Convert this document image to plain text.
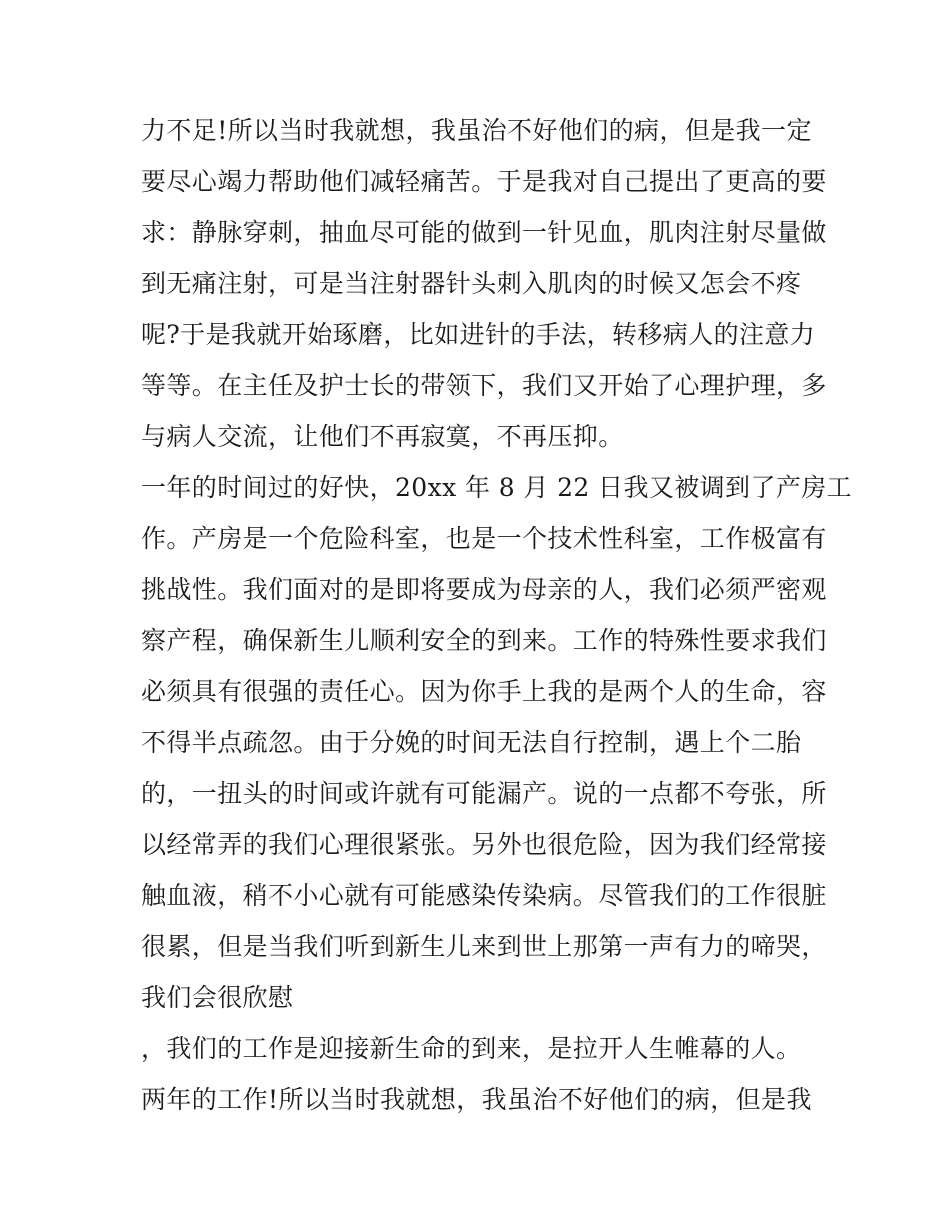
力不足!所以当时我就想，我虽治不好他们的病，但是我一定
要尽心竭力帮助他们减轻痛苦。于是我对自己提出了更高的要
求：静脉穿刺，抽血尽可能的做到一针见血，肌肉注射尽量做
到无痛注射，可是当注射器针头刺入肌肉的时候又怎会不疼
呢?于是我就开始琢磨，比如进针的手法，转移病人的注意力
等等。在主任及护士长的带领下，我们又开始了心理护理，多
与病人交流，让他们不再寂寞，不再压抑。
一年的时间过的好快，20xx 年 8 月 22 日我又被调到了产房工
作。产房是一个危险科室，也是一个技术性科室，工作极富有
挑战性。我们面对的是即将要成为母亲的人，我们必须严密观
察产程，确保新生儿顺利安全的到来。工作的特殊性要求我们
必须具有很强的责任心。因为你手上我的是两个人的生命，容
不得半点疏忽。由于分娩的时间无法自行控制，遇上个二胎
的，一扭头的时间或许就有可能漏产。说的一点都不夸张，所
以经常弄的我们心理很紧张。另外也很危险，因为我们经常接
触血液，稍不小心就有可能感染传染病。尽管我们的工作很脏
很累，但是当我们听到新生儿来到世上那第一声有力的啼哭，
我们会很欣慰
，我们的工作是迎接新生命的到来，是拉开人生帷幕的人。
两年的工作!所以当时我就想，我虽治不好他们的病，但是我
